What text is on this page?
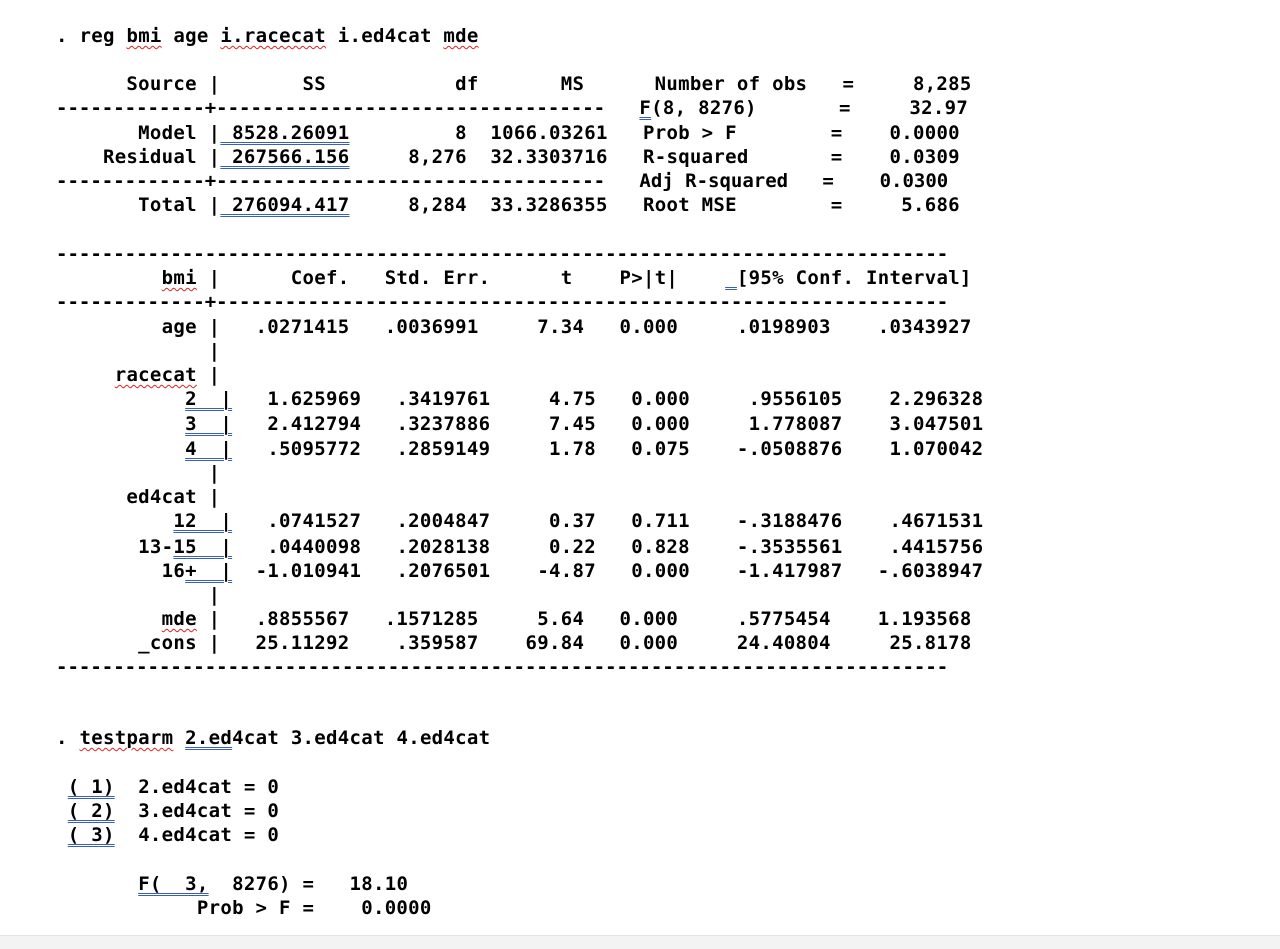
. reg bmi age i.racecat i.ed4cat mde
Source |       SS           df       MS      Number of obs   =     8,285
-------------+----------------------------------   F(8, 8276)       =     32.97
Model | 8528.26091         8  1066.03261   Prob > F        =    0.0000
Residual | 267566.156     8,276  32.3303716   R-squared       =    0.0309
-------------+----------------------------------   Adj R-squared   =    0.0300
Total | 276094.417     8,284  33.3286355   Root MSE        =     5.686
------------------------------------------------------------------------------
bmi |      Coef.   Std. Err.      t    P>|t|     [95% Conf. Interval]
-------------+----------------------------------------------------------------
age |   .0271415   .0036991     7.34   0.000     .0198903    .0343927
|
racecat |
2  |   1.625969   .3419761     4.75   0.000     .9556105    2.296328
3  |   2.412794   .3237886     7.45   0.000     1.778087    3.047501
4  |   .5095772   .2859149     1.78   0.075    -.0508876    1.070042
|
ed4cat |
12  |   .0741527   .2004847     0.37   0.711    -.3188476    .4671531
13-15  |   .0440098   .2028138     0.22   0.828    -.3535561    .4415756
16+  |  -1.010941   .2076501    -4.87   0.000    -1.417987   -.6038947
|
mde |   .8855567   .1571285     5.64   0.000     .5775454    1.193568
_cons |   25.11292    .359587    69.84   0.000     24.40804     25.8178
------------------------------------------------------------------------------
. testparm 2.ed4cat 3.ed4cat 4.ed4cat
( 1)  2.ed4cat = 0
( 2)  3.ed4cat = 0
( 3)  4.ed4cat = 0
F(  3,  8276) =   18.10
Prob > F =    0.0000
